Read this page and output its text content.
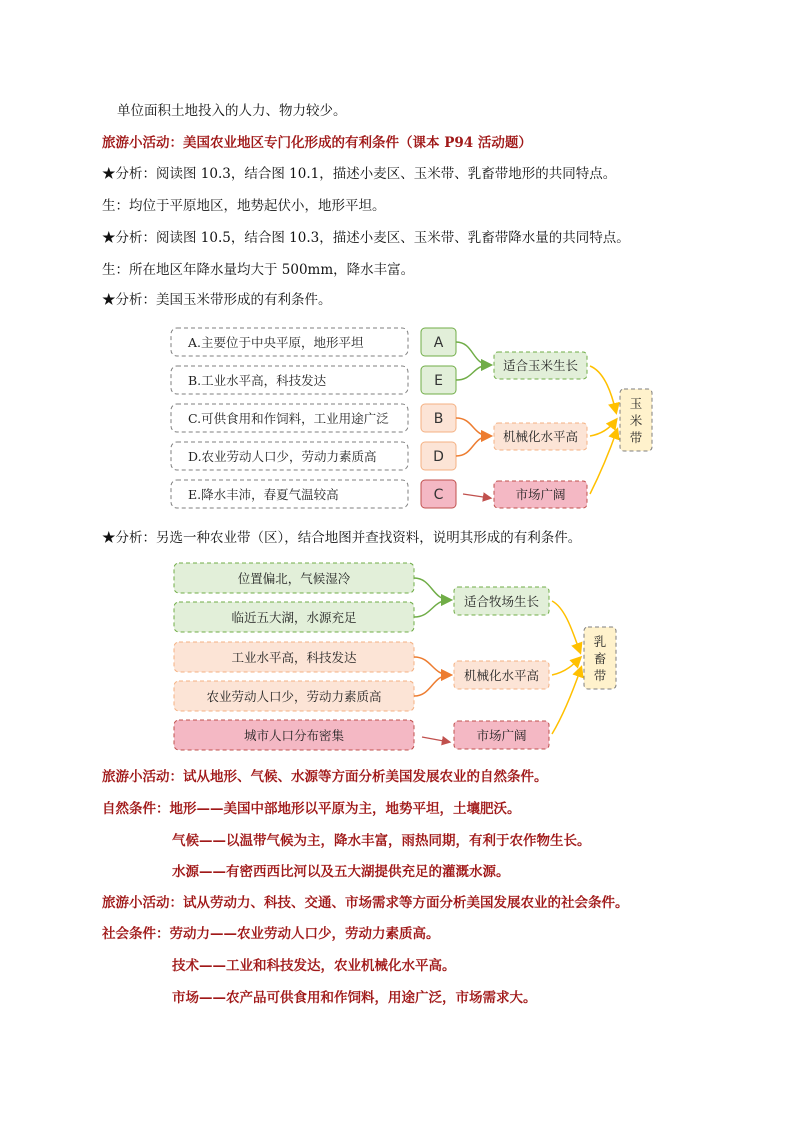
单位面积土地投入的人力、物力较少。
旅游小活动：美国农业地区专门化形成的有利条件（课本 P94 活动题）
★分析：阅读图 10.3，结合图 10.1，描述小麦区、玉米带、乳畜带地形的共同特点。
生：均位于平原地区，地势起伏小，地形平坦。
★分析：阅读图 10.5，结合图 10.3，描述小麦区、玉米带、乳畜带降水量的共同特点。
生：所在地区年降水量均大于 500mm，降水丰富。
★分析：美国玉米带形成的有利条件。
★分析：另选一种农业带（区），结合地图并查找资料，说明其形成的有利条件。
旅游小活动：试从地形、气候、水源等方面分析美国发展农业的自然条件。
自然条件：地形——美国中部地形以平原为主，地势平坦，土壤肥沃。
气候——以温带气候为主，降水丰富，雨热同期，有利于农作物生长。
水源——有密西西比河以及五大湖提供充足的灌溉水源。
旅游小活动：试从劳动力、科技、交通、市场需求等方面分析美国发展农业的社会条件。
社会条件：劳动力——农业劳动人口少，劳动力素质高。
技术——工业和科技发达，农业机械化水平高。
市场——农产品可供食用和作饲料，用途广泛，市场需求大。
A.主要位于中央平原，地形平坦
B.工业水平高，科技发达
C.可供食用和作饲料，工业用途广泛
D.农业劳动人口少，劳动力素质高
E.降水丰沛，春夏气温较高
A
E
B
D
C
适合玉米生长
机械化水平高
市场广阔
玉
米
带
位置偏北，气候湿冷
临近五大湖，水源充足
工业水平高，科技发达
农业劳动人口少，劳动力素质高
城市人口分布密集
适合牧场生长
机械化水平高
市场广阔
乳
畜
带
